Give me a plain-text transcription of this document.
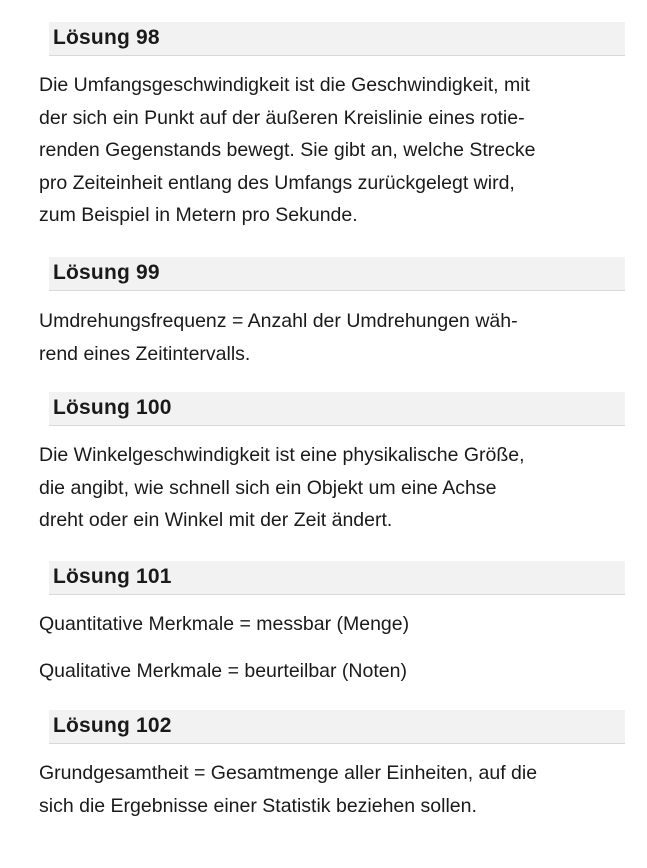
Lösung 98

Die Umfangsgeschwindigkeit ist die Geschwindigkeit, mit
der sich ein Punkt auf der äußeren Kreislinie eines rotie-
renden Gegenstands bewegt. Sie gibt an, welche Strecke
pro Zeiteinheit entlang des Umfangs zurückgelegt wird,
zum Beispiel in Metern pro Sekunde.

Lösung 99

Umdrehungsfrequenz = Anzahl der Umdrehungen wäh-
rend eines Zeitintervalls.

Lösung 100

Die Winkelgeschwindigkeit ist eine physikalische Größe,
die angibt, wie schnell sich ein Objekt um eine Achse
dreht oder ein Winkel mit der Zeit ändert.

Lösung 101

Quantitative Merkmale = messbar (Menge)

Qualitative Merkmale = beurteilbar (Noten)

Lösung 102

Grundgesamtheit = Gesamtmenge aller Einheiten, auf die
sich die Ergebnisse einer Statistik beziehen sollen.
